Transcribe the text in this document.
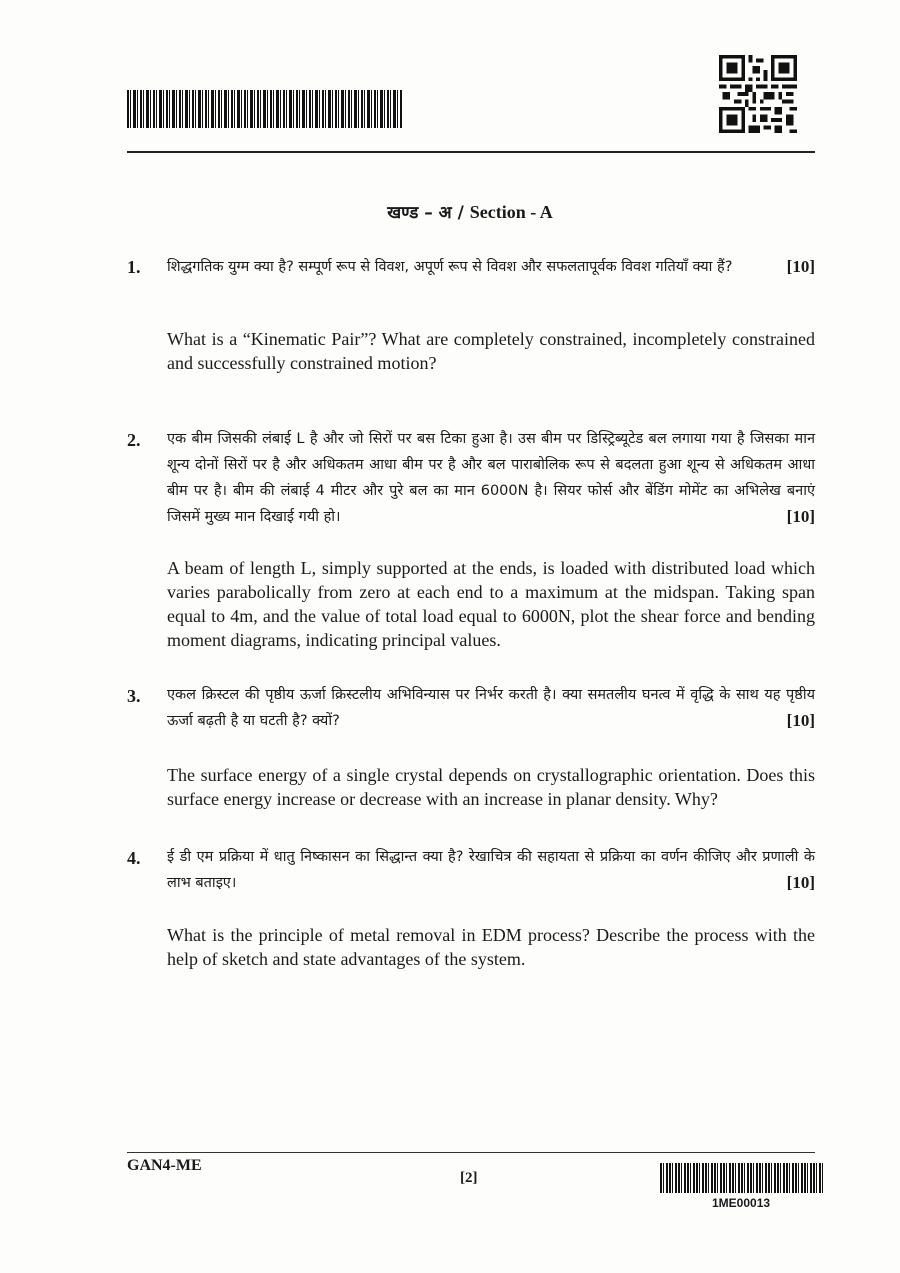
खण्ड – अ / Section - A
1. शिद्धगतिक युग्म क्या है? सम्पूर्ण रूप से विवश, अपूर्ण रूप से विवश और सफलतापूर्वक विवश गतियाँ क्या हैं?	[10]
What is a “Kinematic Pair”? What are completely constrained, incompletely constrained and successfully constrained motion?
2. एक बीम जिसकी लंबाई L है और जो सिरों पर बस टिका हुआ है। उस बीम पर डिस्ट्रिब्यूटेड बल लगाया गया है जिसका मान शून्य दोनों सिरों पर है और अधिकतम आधा बीम पर है और बल पाराबोलिक रूप से बदलता हुआ शून्य से अधिकतम आधा बीम पर है। बीम की लंबाई 4 मीटर और पुरे बल का मान 6000N है। सियर फोर्स और बेंडिंग मोमेंट का अभिलेख बनाएं जिसमें मुख्य मान दिखाई गयी हो।	[10]
A beam of length L, simply supported at the ends, is loaded with distributed load which varies parabolically from zero at each end to a maximum at the midspan. Taking span equal to 4m, and the value of total load equal to 6000N, plot the shear force and bending moment diagrams, indicating principal values.
3. एकल क्रिस्टल की पृष्ठीय ऊर्जा क्रिस्टलीय अभिविन्यास पर निर्भर करती है। क्या समतलीय घनत्व में वृद्धि के साथ यह पृष्ठीय ऊर्जा बढ़ती है या घटती है? क्यों?	[10]
The surface energy of a single crystal depends on crystallographic orientation. Does this surface energy increase or decrease with an increase in planar density. Why?
4. ई डी एम प्रक्रिया में धातु निष्कासन का सिद्धान्त क्या है? रेखाचित्र की सहायता से प्रक्रिया का वर्णन कीजिए और प्रणाली के लाभ बताइए।	[10]
What is the principle of metal removal in EDM process? Describe the process with the help of sketch and state advantages of the system.
GAN4-ME
[2]
1ME00013
